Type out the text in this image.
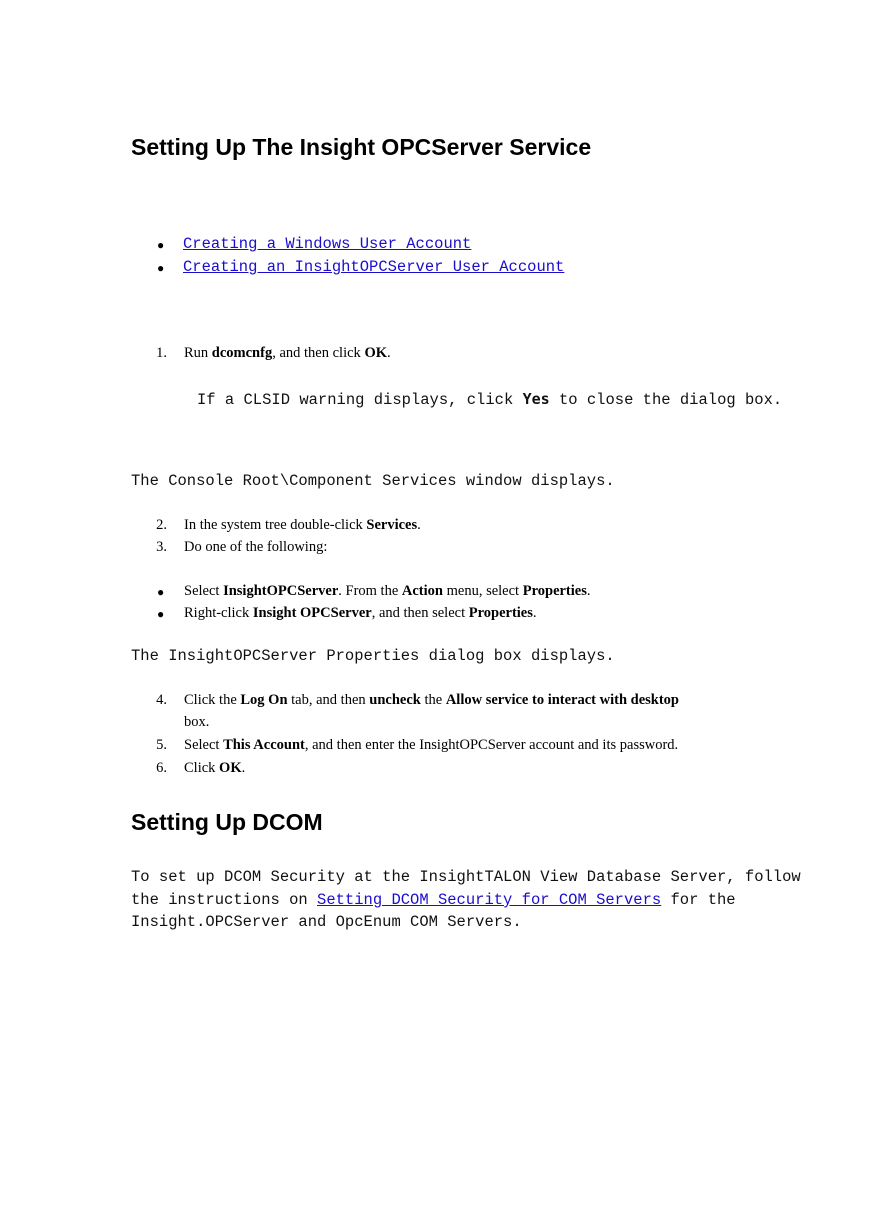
Setting Up The Insight OPCServer Service
● Creating a Windows User Account
● Creating an InsightOPCServer User Account
1. Run dcomcnfg, and then click OK.
If a CLSID warning displays, click Yes to close the dialog box.
The Console Root\Component Services window displays.
2. In the system tree double-click Services.
3. Do one of the following:
● Select InsightOPCServer. From the Action menu, select Properties.
● Right-click Insight OPCServer, and then select Properties.
The InsightOPCServer Properties dialog box displays.
4. Click the Log On tab, and then uncheck the Allow service to interact with desktop
box.
5. Select This Account, and then enter the InsightOPCServer account and its password.
6. Click OK.
Setting Up DCOM
To set up DCOM Security at the InsightTALON View Database Server, follow
the instructions on Setting DCOM Security for COM Servers for the
Insight.OPCServer and OpcEnum COM Servers.
